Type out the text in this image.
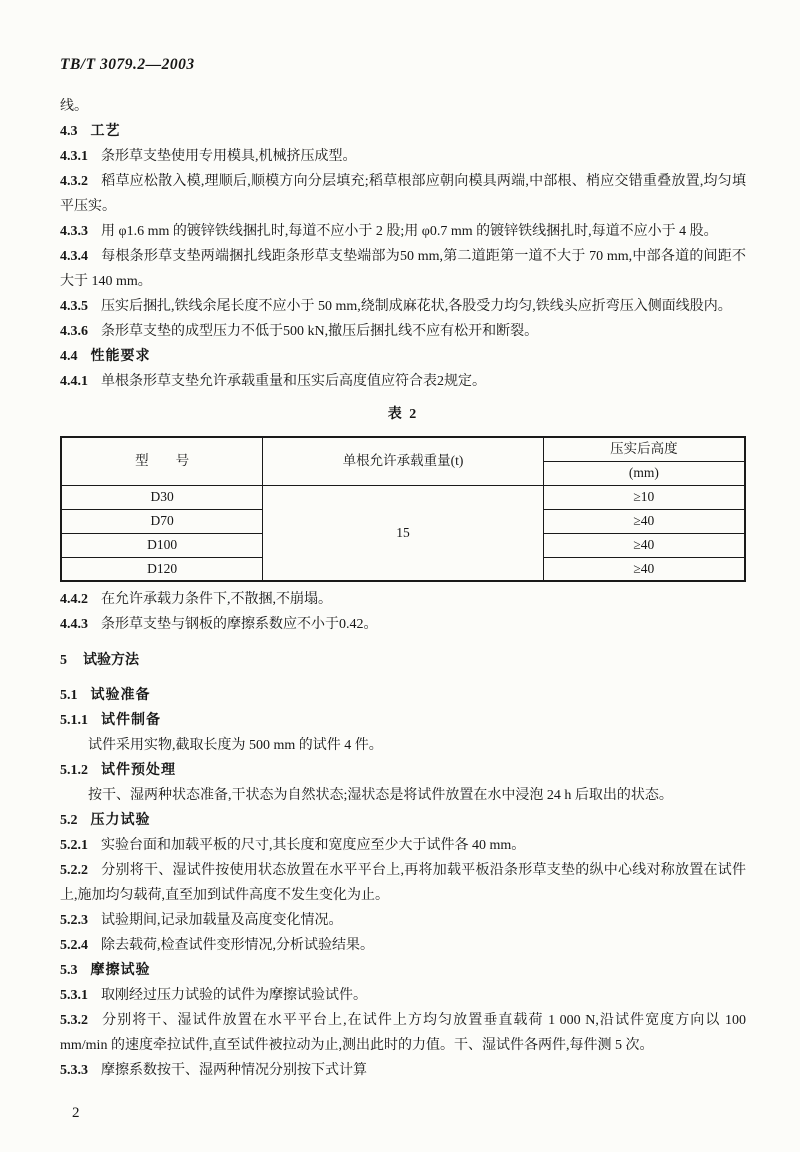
TB/T 3079.2—2003
线。
4.3 工艺
4.3.1 条形草支垫使用专用模具,机械挤压成型。
4.3.2 稻草应松散入模,理顺后,顺模方向分层填充;稻草根部应朝向模具两端,中部根、梢应交错重叠放置,均匀填平压实。
4.3.3 用 φ1.6 mm 的镀锌铁线捆扎时,每道不应小于 2 股;用 φ0.7 mm 的镀锌铁线捆扎时,每道不应小于 4 股。
4.3.4 每根条形草支垫两端捆扎线距条形草支垫端部为50 mm,第二道距第一道不大于 70 mm,中部各道的间距不大于 140 mm。
4.3.5 压实后捆扎,铁线余尾长度不应小于 50 mm,绕制成麻花状,各股受力均匀,铁线头应折弯压入侧面线股内。
4.3.6 条形草支垫的成型压力不低于500 kN,撤压后捆扎线不应有松开和断裂。
4.4 性能要求
4.4.1 单根条形草支垫允许承载重量和压实后高度值应符合表2规定。
表 2
型　　号	单根允许承载重量(t)	压实后高度
		(mm)
D30	15	≥10
D70		≥40
D100		≥40
D120		≥40
4.4.2 在允许承载力条件下,不散捆,不崩塌。
4.4.3 条形草支垫与钢板的摩擦系数应不小于0.42。
5 试验方法
5.1 试验准备
5.1.1 试件制备
试件采用实物,截取长度为 500 mm 的试件 4 件。
5.1.2 试件预处理
按干、湿两种状态准备,干状态为自然状态;湿状态是将试件放置在水中浸泡 24 h 后取出的状态。
5.2 压力试验
5.2.1 实验台面和加载平板的尺寸,其长度和宽度应至少大于试件各 40 mm。
5.2.2 分别将干、湿试件按使用状态放置在水平平台上,再将加载平板沿条形草支垫的纵中心线对称放置在试件上,施加均匀载荷,直至加到试件高度不发生变化为止。
5.2.3 试验期间,记录加载量及高度变化情况。
5.2.4 除去载荷,检查试件变形情况,分析试验结果。
5.3 摩擦试验
5.3.1 取刚经过压力试验的试件为摩擦试验试件。
5.3.2 分别将干、湿试件放置在水平平台上,在试件上方均匀放置垂直载荷 1 000 N,沿试件宽度方向以 100 mm/min 的速度牵拉试件,直至试件被拉动为止,测出此时的力值。干、湿试件各两件,每件测 5 次。
5.3.3 摩擦系数按干、湿两种情况分别按下式计算
2
